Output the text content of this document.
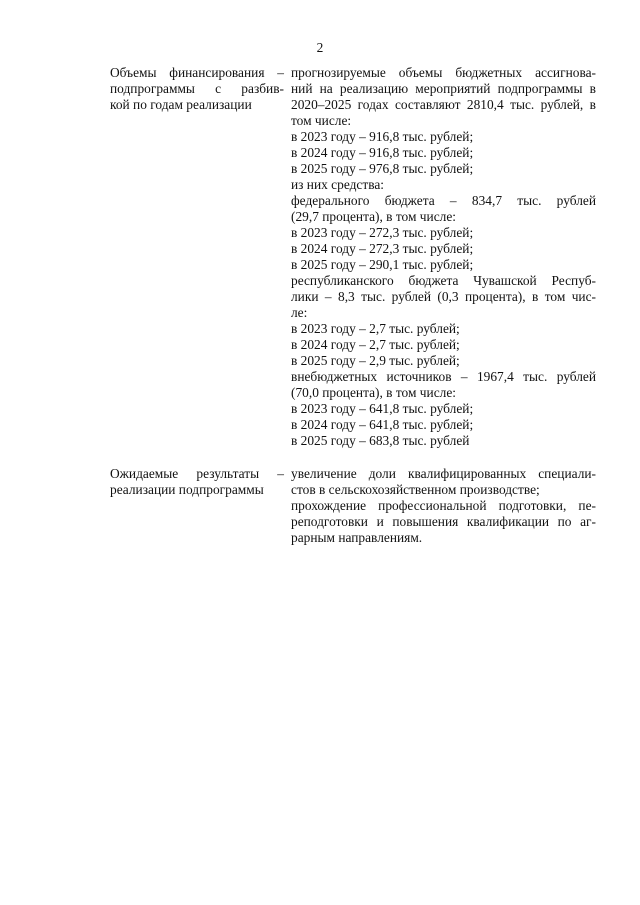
2
Объемы финансирования –
подпрограммы с разбив-
кой по годам реализации
прогнозируемые объемы бюджетных ассигнова-
ний на реализацию мероприятий подпрограммы в
2020–2025 годах составляют 2810,4 тыс. рублей, в
том числе:
в 2023 году – 916,8 тыс. рублей;
в 2024 году – 916,8 тыс. рублей;
в 2025 году – 976,8 тыс. рублей;
из них средства:
федерального бюджета – 834,7 тыс. рублей
(29,7 процента), в том числе:
в 2023 году – 272,3 тыс. рублей;
в 2024 году – 272,3 тыс. рублей;
в 2025 году – 290,1 тыс. рублей;
республиканского бюджета Чувашской Респуб-
лики – 8,3 тыс. рублей (0,3 процента), в том чис-
ле:
в 2023 году – 2,7 тыс. рублей;
в 2024 году – 2,7 тыс. рублей;
в 2025 году – 2,9 тыс. рублей;
внебюджетных источников – 1967,4 тыс. рублей
(70,0 процента), в том числе:
в 2023 году – 641,8 тыс. рублей;
в 2024 году – 641,8 тыс. рублей;
в 2025 году – 683,8 тыс. рублей
Ожидаемые результаты –
реализации подпрограммы
увеличение доли квалифицированных специали-
стов в сельскохозяйственном производстве;
прохождение профессиональной подготовки, пе-
реподготовки и повышения квалификации по аг-
рарным направлениям.
